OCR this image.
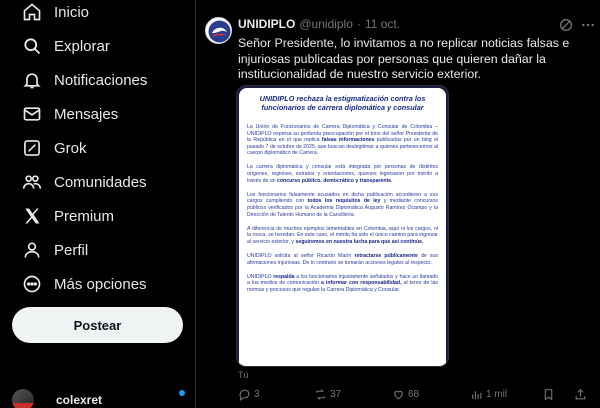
Inicio
Explorar
Notificaciones
Mensajes
Grok
Comunidades
Premium
Perfil
Más opciones
Postear
colexret
UNIDIPLO @unidiplo · 11 oct.

Señor Presidente, lo invitamos a no replicar noticias falsas e injuriosas publicadas por personas que quieren dañar la institucionalidad de nuestro servicio exterior.

UNIDIPLO rechaza la estigmatización contra los funcionarios de carrera diplomática y consular

La Unión de Funcionarios de Carrera Diplomática y Consular de Colombia – UNIDIPLO expresa su profunda preocupación por el trino del señor Presidente de la República en el que replica falsas informaciones publicadas por un blog el pasado 7 de octubre de 2025, que buscan deslegitimar a quienes pertenecemos al cuerpo diplomático de Carrera.

La carrera diplomática y consular está integrada por personas de distintos orígenes, regiones, estratos y orientaciones, quienes ingresaron por mérito a través de un concurso público, democrático y transparente.

Los funcionarios falsamente acusados en dicha publicación accedieron a sus cargos cumpliendo con todos los requisitos de ley y mediante concursos públicos verificados por la Academia Diplomática Augusto Ramírez Ocampo y la Dirección de Talento Humano de la Cancillería.

A diferencia de muchos ejemplos lamentables en Colombia, aquí ni los cargos, ni la rosca, se heredan. En este caso, el mérito ha sido el único camino para ingresar al servicio exterior, y seguiremos en nuestra lucha para que así continúe.

UNIDIPLO solicita al señor Ricardo Marín retractarse públicamente de sus afirmaciones injuriosas. De lo contrario se tomarán acciones legales al respecto.

UNIDIPLO respalda a los funcionarios injustamente señalados y hace un llamado a los medios de comunicación a informar con responsabilidad, al tenor de las normas y procesos que regulan la Carrera Diplomática y Consular.

Tú
3	37	68	1 mil
